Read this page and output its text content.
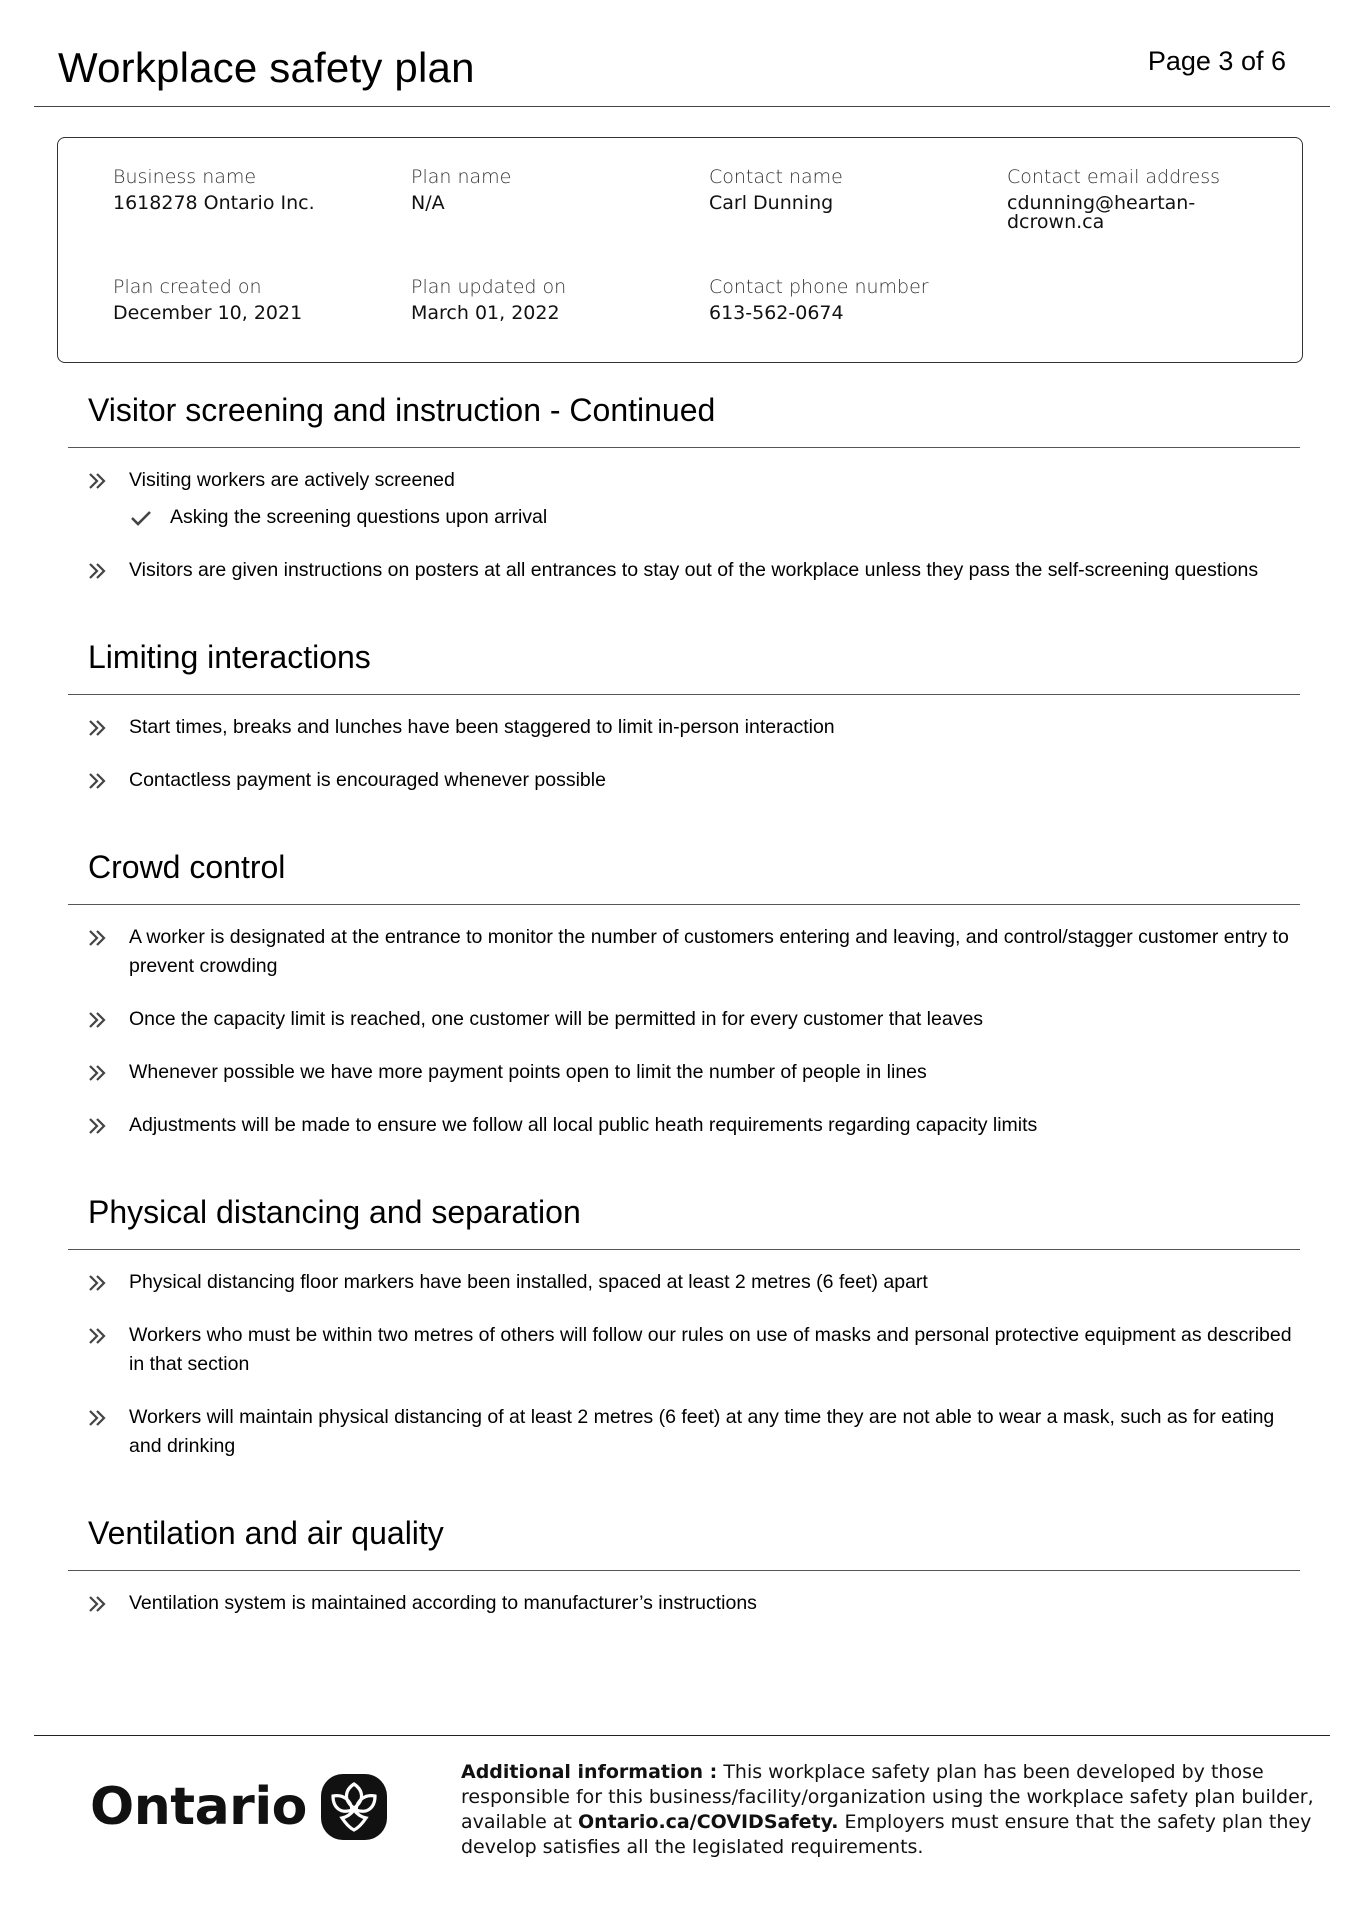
Workplace safety plan	Page 3 of 6
Business name
1618278 Ontario Inc.
Plan name
N/A
Contact name
Carl Dunning
Contact email address
cdunning@heartan-
dcrown.ca
Plan created on
December 10, 2021
Plan updated on
March 01, 2022
Contact phone number
613-562-0674
Visitor screening and instruction - Continued
Visiting workers are actively screened
Asking the screening questions upon arrival
Visitors are given instructions on posters at all entrances to stay out of the workplace unless they pass the self-screening questions
Limiting interactions
Start times, breaks and lunches have been staggered to limit in-person interaction
Contactless payment is encouraged whenever possible
Crowd control
A worker is designated at the entrance to monitor the number of customers entering and leaving, and control/stagger customer entry to prevent crowding
Once the capacity limit is reached, one customer will be permitted in for every customer that leaves
Whenever possible we have more payment points open to limit the number of people in lines
Adjustments will be made to ensure we follow all local public heath requirements regarding capacity limits
Physical distancing and separation
Physical distancing floor markers have been installed, spaced at least 2 metres (6 feet) apart
Workers who must be within two metres of others will follow our rules on use of masks and personal protective equipment as described in that section
Workers will maintain physical distancing of at least 2 metres (6 feet) at any time they are not able to wear a mask, such as for eating and drinking
Ventilation and air quality
Ventilation system is maintained according to manufacturer’s instructions
Ontario
Additional information : This workplace safety plan has been developed by those responsible for this business/facility/organization using the workplace safety plan builder, available at Ontario.ca/COVIDSafety. Employers must ensure that the safety plan they develop satisfies all the legislated requirements.
